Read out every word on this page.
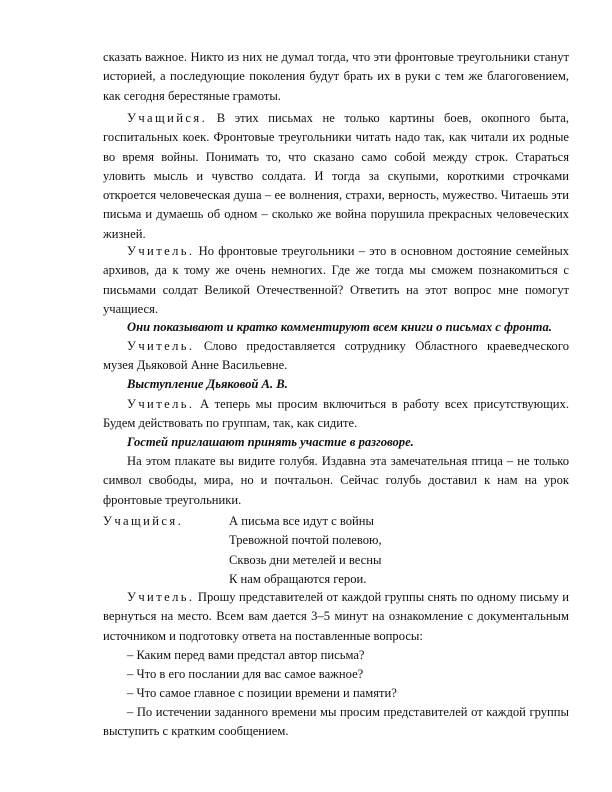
сказать важное. Никто из них не думал тогда, что эти фронтовые треугольники станут историей, а последующие поколения будут брать их в руки с тем же благоговением, как сегодня берестяные грамоты.

Учащийся. В этих письмах не только картины боев, окопного быта, госпитальных коек. Фронтовые треугольники читать надо так, как читали их родные во время войны. Понимать то, что сказано само собой между строк. Стараться уловить мысль и чувство солдата. И тогда за скупыми, короткими строчками откроется человеческая душа – ее волнения, страхи, верность, мужество. Читаешь эти письма и думаешь об одном – сколько же война порушила прекрасных человеческих жизней.

Учитель. Но фронтовые треугольники – это в основном достояние семейных архивов, да к тому же очень немногих. Где же тогда мы сможем познакомиться с письмами солдат Великой Отечественной? Ответить на этот вопрос мне помогут учащиеся.

Они показывают и кратко комментируют всем книги о письмах с фронта.

Учитель. Слово предоставляется сотруднику Областного краеведческого музея Дьяковой Анне Васильевне.

Выступление Дьяковой А. В.

Учитель. А теперь мы просим включиться в работу всех присутствующих. Будем действовать по группам, так, как сидите.

Гостей приглашают принять участие в разговоре.

На этом плакате вы видите голубя. Издавна эта замечательная птица – не только символ свободы, мира, но и почтальон. Сейчас голубь доставил к нам на урок фронтовые треугольники.

Учащийся.	А письма все идут с войны
Тревожной почтой полевою,
Сквозь дни метелей и весны
К нам обращаются герои.

Учитель. Прошу представителей от каждой группы снять по одному письму и вернуться на место. Всем вам дается 3–5 минут на ознакомление с документальным источником и подготовку ответа на поставленные вопросы:

– Каким перед вами предстал автор письма?

– Что в его послании для вас самое важное?

– Что самое главное с позиции времени и памяти?

– По истечении заданного времени мы просим представителей от каждой группы выступить с кратким сообщением.
